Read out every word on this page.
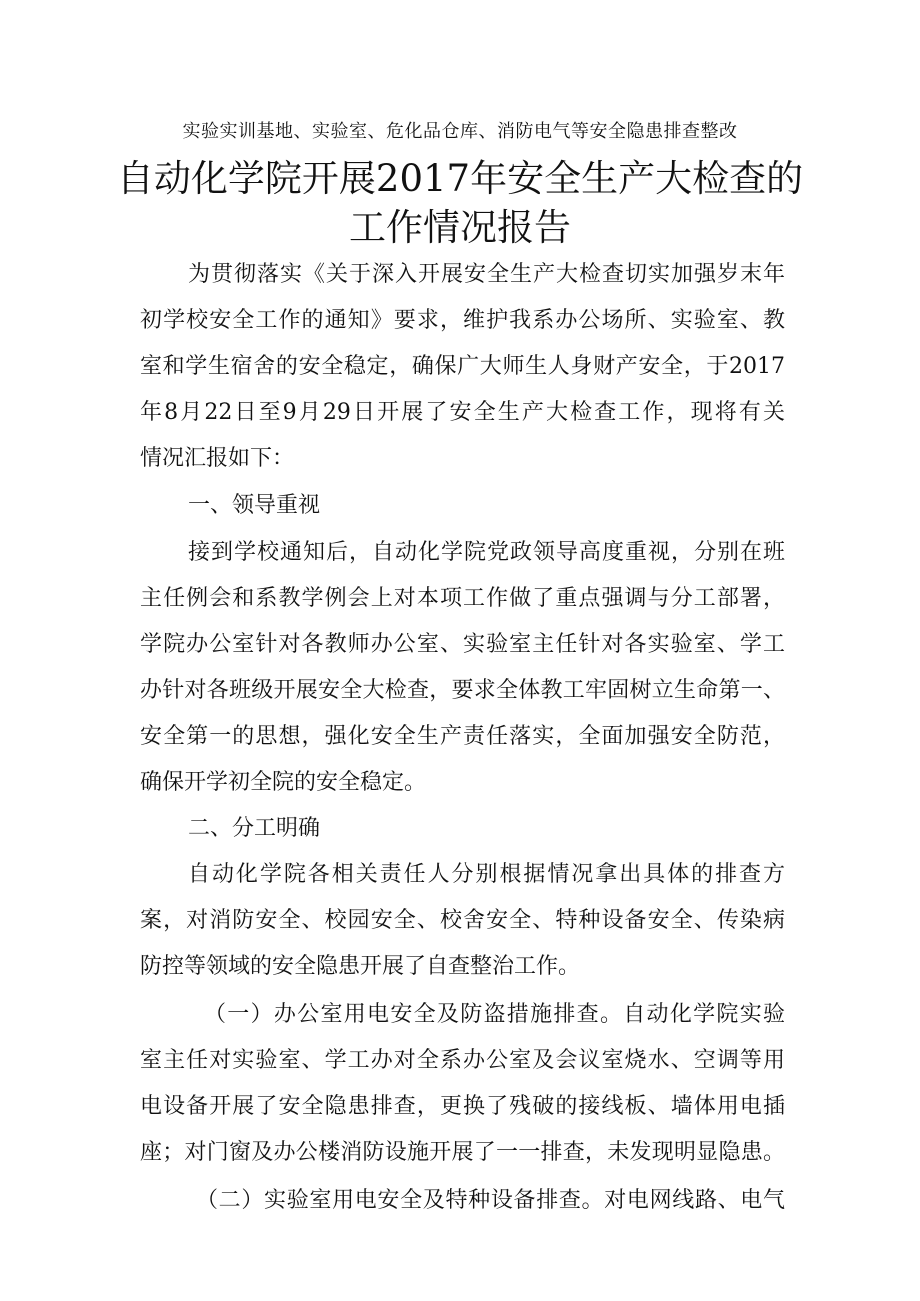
实验实训基地、实验室、危化品仓库、消防电气等安全隐患排查整改
自动化学院开展2017年安全生产大检查的
工作情况报告
为贯彻落实《关于深入开展安全生产大检查切实加强岁末年
初学校安全工作的通知》要求，维护我系办公场所、实验室、教
室和学生宿舍的安全稳定，确保广大师生人身财产安全，于2017
年8月22日至9月29日开展了安全生产大检查工作，现将有关
情况汇报如下：
一、领导重视
接到学校通知后，自动化学院党政领导高度重视，分别在班
主任例会和系教学例会上对本项工作做了重点强调与分工部署，
学院办公室针对各教师办公室、实验室主任针对各实验室、学工
办针对各班级开展安全大检查，要求全体教工牢固树立生命第一、
安全第一的思想，强化安全生产责任落实，全面加强安全防范，
确保开学初全院的安全稳定。
二、分工明确
自动化学院各相关责任人分别根据情况拿出具体的排查方
案，对消防安全、校园安全、校舍安全、特种设备安全、传染病
防控等领域的安全隐患开展了自查整治工作。
（一）办公室用电安全及防盗措施排查。自动化学院实验
室主任对实验室、学工办对全系办公室及会议室烧水、空调等用
电设备开展了安全隐患排查，更换了残破的接线板、墙体用电插
座；对门窗及办公楼消防设施开展了一一排查，未发现明显隐患。
（二）实验室用电安全及特种设备排查。对电网线路、电气
